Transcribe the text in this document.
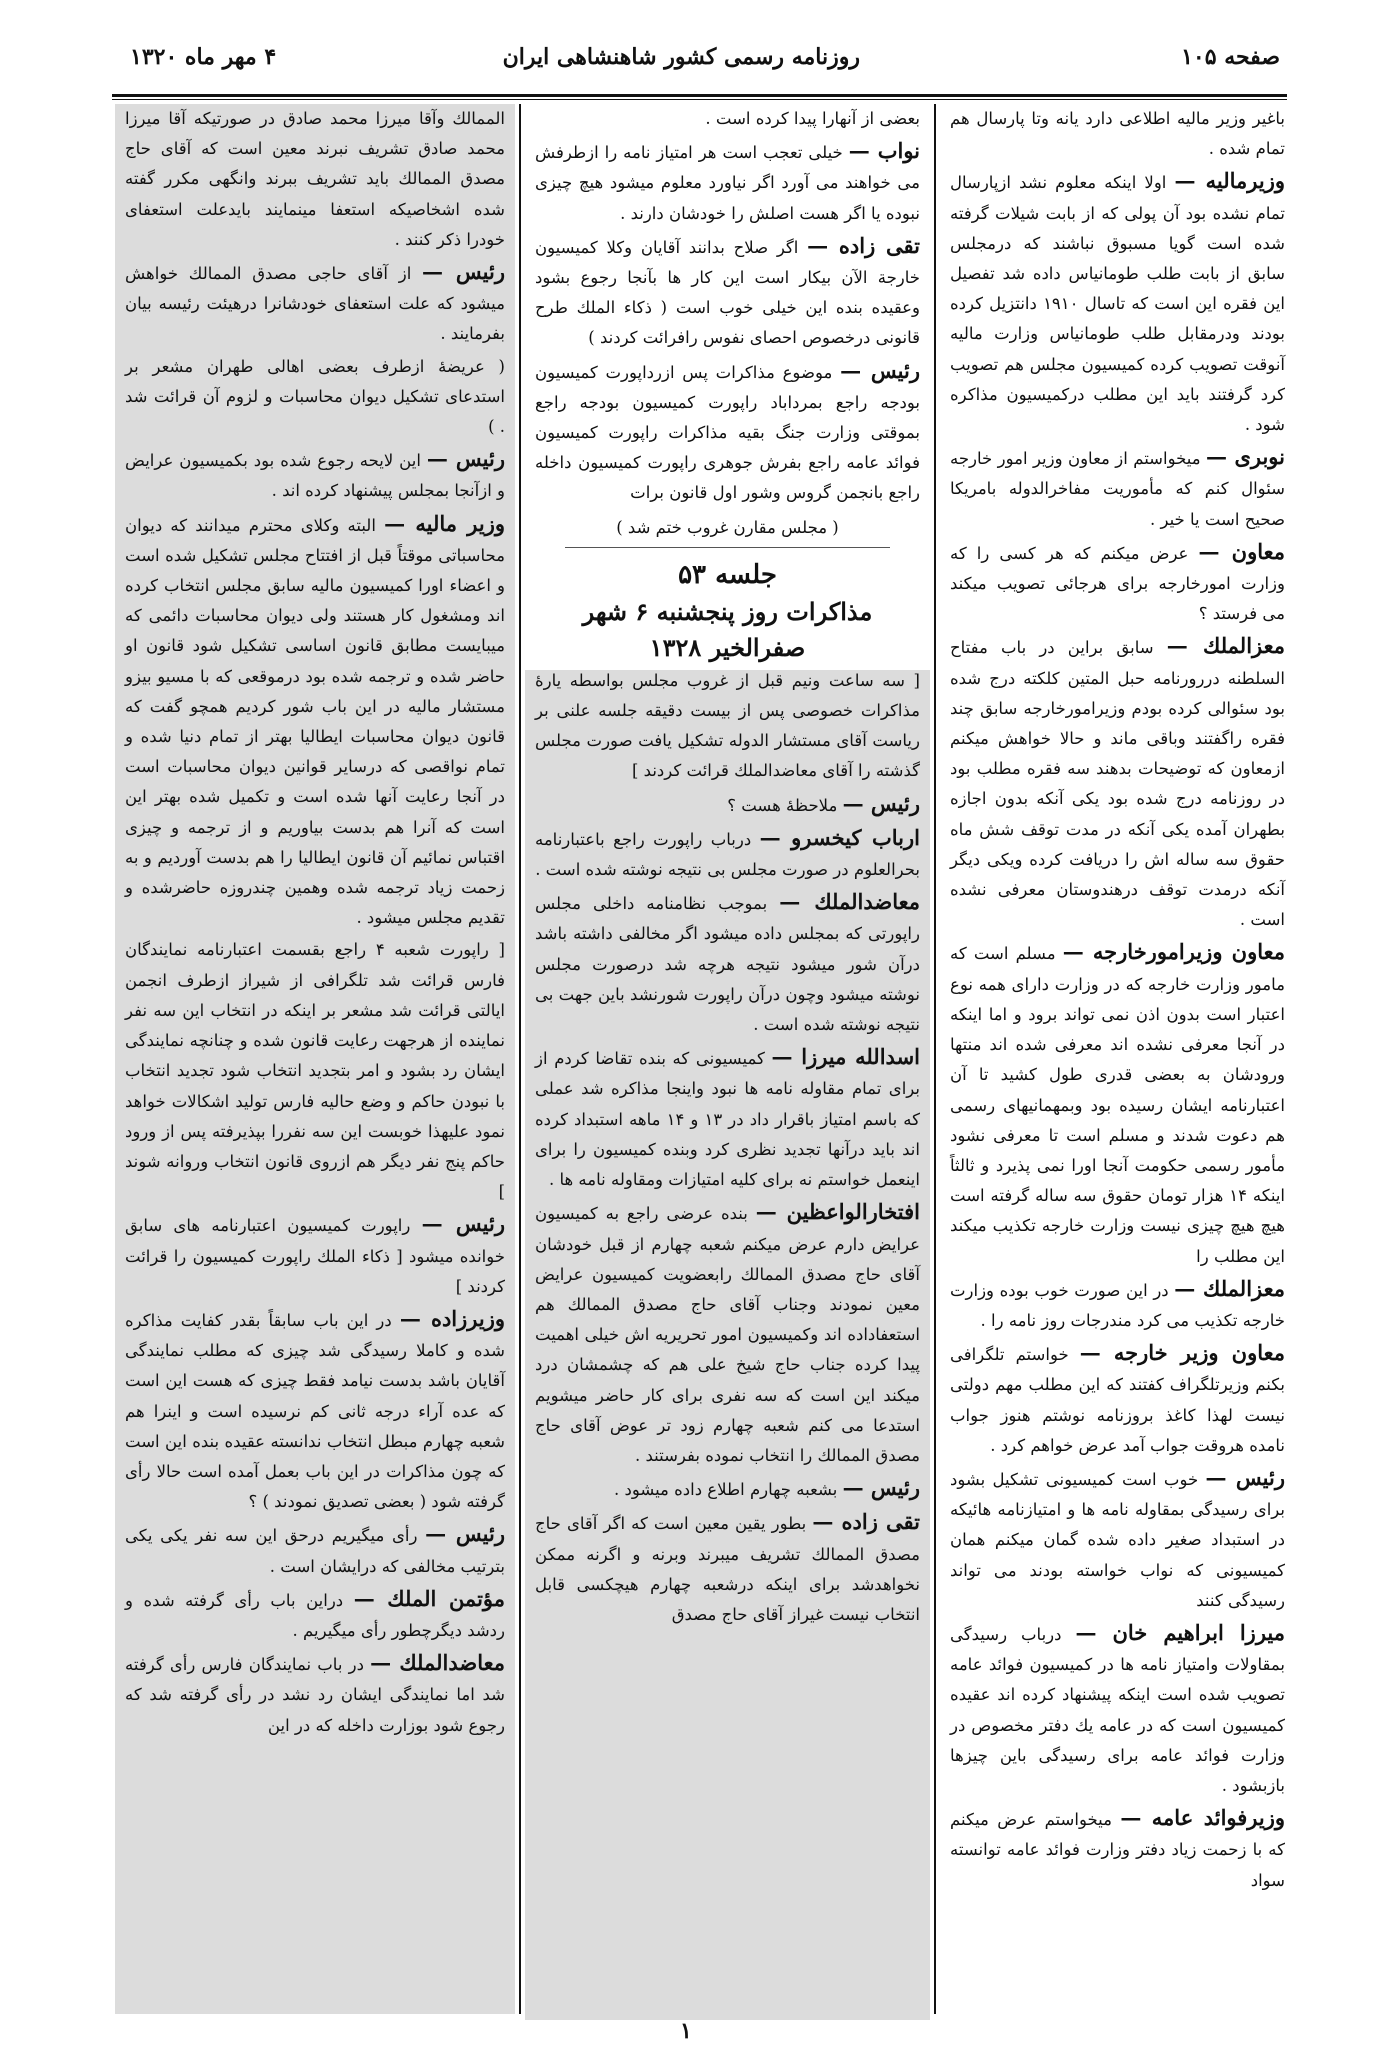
صفحه ۱۰۵
روزنامه رسمی کشور شاهنشاهی ایران
۴ مهر ماه ۱۳۲۰

باغير وزير ماليه اطلاعى دارد يانه وتا پارسال هم تمام شده .

وزيرماليه — اولا اينكه معلوم نشد ازپارسال تمام نشده بود آن پولى كه از بابت شيلات گرفته شده است گويا مسبوق نباشند كه درمجلس سابق از بابت طلب طومانياس داده شد تفصيل اين فقره اين است كه تاسال ۱۹۱۰ دانتزيل كرده بودند ودرمقابل طلب طومانياس وزارت ماليه آنوقت تصويب كرده كميسيون مجلس هم تصويب كرد گرفتند بايد اين مطلب دركميسيون مذاكره شود .

نوبرى — ميخواستم از معاون وزير امور خارجه سئوال كنم كه مأموريت مفاخرالدوله بامريكا صحيح است يا خير .

معاون — عرض ميكنم كه هر كسى را كه وزارت امورخارجه براى هرجائى تصويب ميكند مى فرستد ؟

معزالملك — سابق براين در باب مفتاح السلطنه دررورنامه حبل المتين كلكته درج شده بود سئوالى كرده بودم وزيرامورخارجه سابق چند فقره راگفتند وباقى ماند و حالا خواهش ميكنم ازمعاون كه توضيحات بدهند سه فقره مطلب بود در روزنامه درج شده بود يكى آنكه بدون اجازه بطهران آمده يكى آنكه در مدت توقف شش ماه حقوق سه ساله اش را دريافت كرده ويكى ديگر آنكه درمدت توقف درهندوستان معرفى نشده است .

معاون وزيرامورخارجه — مسلم است كه مامور وزارت خارجه كه در وزارت داراى همه نوع اعتبار است بدون اذن نمى تواند برود و اما اينكه در آنجا معرفى نشده اند معرفى شده اند منتها ورودشان به بعضى قدرى طول كشيد تا آن اعتبارنامه ايشان رسيده بود وبمهمانيهاى رسمى هم دعوت شدند و مسلم است تا معرفى نشود مأمور رسمى حكومت آنجا اورا نمى پذيرد و ثالثاً اينكه ۱۴ هزار تومان حقوق سه ساله گرفته است هيچ هيچ چيزى نيست وزارت خارجه تكذيب ميكند اين مطلب را

معزالملك — در اين صورت خوب بوده وزارت خارجه تكذيب مى كرد مندرجات روز نامه را .

معاون وزير خارجه — خواستم تلگرافى بكنم وزيرتلگراف كفتند كه اين مطلب مهم دولتى نيست لهذا كاغذ بروزنامه نوشتم هنوز جواب نامده هروقت جواب آمد عرض خواهم كرد .

رئيس — خوب است كميسيونى تشكيل بشود براى رسيدگى بمقاوله نامه ها و امتيازنامه هائيكه در استبداد صغير داده شده گمان ميكنم همان كميسيونى كه نواب خواسته بودند مى تواند رسيدگى كنند

ميرزا ابراهيم خان — درباب رسيدگى بمقاولات وامتياز نامه ها در كميسيون فوائد عامه تصويب شده است اينكه پيشنهاد كرده اند عقيده كميسيون است كه در عامه يك دفتر مخصوص در وزارت فوائد عامه براى رسيدگى باين چيزها بازبشود .

وزيرفوائد عامه — ميخواستم عرض ميكنم كه با زحمت زياد دفتر وزارت فوائد عامه توانسته سواد

بعضى از آنهارا پيدا كرده است .

نواب — خيلى تعجب است هر امتياز نامه را ازطرفش مى خواهند مى آورد اگر نياورد معلوم ميشود هيچ چيزى نبوده يا اگر هست اصلش را خودشان دارند .

تقى زاده — اگر صلاح بدانند آقايان وكلا كميسيون خارجة الآن بيكار است اين كار ها بآنجا رجوع بشود وعقيده بنده اين خيلى خوب است ( ذكاء الملك طرح قانونى درخصوص احصاى نفوس رافرائت كردند )

رئيس — موضوع مذاكرات پس ازرداپورت كميسيون بودجه راجع بمرداباد راپورت كميسيون بودجه راجع بموقتى وزارت جنگ بقيه مذاكرات راپورت كميسيون فوائد عامه راجع بفرش جوهرى راپورت كميسيون داخله راجع بانجمن گروس وشور اول قانون برات

( مجلس مقارن غروب ختم شد )
جلسه ۵۳
مذاكرات روز پنجشنبه ۶ شهر
صفرالخير ۱۳۲۸

[ سه ساعت ونيم قبل از غروب مجلس بواسطه يارهٔ مذاكرات خصوصى پس از بيست دقيقه جلسه علنى بر رياست آقاى مستشار الدوله تشكيل يافت صورت مجلس گذشته را آقاى معاضدالملك قرائت كردند ]

رئيس — ملاحظهٔ هست ؟

ارباب كيخسرو — درباب راپورت راجع باعتبارنامه بحرالعلوم در صورت مجلس بى نتيجه نوشته شده است .

معاضدالملك — بموجب نظامنامه داخلى مجلس راپورتى كه بمجلس داده ميشود اگر مخالفى داشته باشد درآن شور ميشود نتيجه هرچه شد درصورت مجلس نوشته ميشود وچون درآن راپورت شورنشد باين جهت بى نتيجه نوشته شده است .

اسدالله ميرزا — كميسيونى كه بنده تقاضا كردم از براى تمام مقاوله نامه ها نبود واينجا مذاكره شد عملى كه باسم امتياز باقرار داد در ۱۳ و ۱۴ ماهه استبداد كرده اند بايد درآنها تجديد نظرى كرد وبنده كميسيون را براى اينعمل خواستم نه براى كليه امتيازات ومقاوله نامه ها .

افتخارالواعظين — بنده عرضى راجع به كميسيون عرايض دارم عرض ميكنم شعبه چهارم از قبل خودشان آقاى حاج مصدق الممالك رابعضويت كميسيون عرايض معين نمودند وجناب آقاى حاج مصدق الممالك هم استعفاداده اند وكميسيون امور تحريريه اش خيلى اهميت پيدا كرده جناب حاج شيخ على هم كه چشمشان درد ميكند اين است كه سه نفرى براى كار حاضر ميشويم استدعا مى كنم شعبه چهارم زود تر عوض آقاى حاج مصدق الممالك را انتخاب نموده بفرستند .

رئيس — بشعبه چهارم اطلاع داده ميشود .

تقى زاده — بطور يقين معين است كه اگر آقاى حاج مصدق الممالك تشريف ميبرند وبرنه و اگرنه ممكن نخواهدشد براى اينكه درشعبه چهارم هيچكسى قابل انتخاب نيست غيراز آقاى حاج مصدق

الممالك وآقا ميرزا محمد صادق در صورتيكه آقا ميرزا محمد صادق تشريف نبرند معين است كه آقاى حاج مصدق الممالك بايد تشريف ببرند وانگهى مكرر گفته شده اشخاصيكه استعفا مينمايند بايدعلت استعفاى خودرا ذكر كنند .

رئيس — از آقاى حاجى مصدق الممالك خواهش ميشود كه علت استعفاى خودشانرا درهيئت رئيسه بيان بفرمايند .

( عريضهٔ ازطرف بعضى اهالى طهران مشعر بر استدعاى تشكيل ديوان محاسبات و لزوم آن قرائت شد . )

رئيس — اين لايحه رجوع شده بود بكميسيون عرايض و ازآنجا بمجلس پيشنهاد كرده اند .

وزير ماليه — البته وكلاى محترم ميدانند كه ديوان محاسباتى موقتاً قبل از افتتاح مجلس تشكيل شده است و اعضاء اورا كميسيون ماليه سابق مجلس انتخاب كرده اند ومشغول كار هستند ولى ديوان محاسبات دائمى كه ميبايست مطابق قانون اساسى تشكيل شود قانون او حاضر شده و ترجمه شده بود درموقعى كه با مسيو بيزو مستشار ماليه در اين باب شور كرديم همچو گفت كه قانون ديوان محاسبات ايطاليا بهتر از تمام دنيا شده و تمام نواقصى كه درساير قوانين ديوان محاسبات است در آنجا رعايت آنها شده است و تكميل شده بهتر اين است كه آنرا هم بدست بياوريم و از ترجمه و چيزى اقتباس نمائيم آن قانون ايطاليا را هم بدست آورديم و به زحمت زياد ترجمه شده وهمين چندروزه حاضرشده و تقديم مجلس ميشود .

[ راپورت شعبه ۴ راجع بقسمت اعتبارنامه نمايندگان فارس قرائت شد تلگرافى از شيراز ازطرف انجمن ايالتى قرائت شد مشعر بر اينكه در انتخاب اين سه نفر نماينده از هرجهت رعايت قانون شده و چنانچه نمايندگى ايشان رد بشود و امر بتجديد انتخاب شود تجديد انتخاب با نبودن حاكم و وضع حاليه فارس توليد اشكالات خواهد نمود عليهذا خوبست اين سه نفررا بپذيرفته پس از ورود حاكم پنج نفر ديگر هم ازروى قانون انتخاب وروانه شوند ]

رئيس — راپورت كميسيون اعتبارنامه هاى سابق خوانده ميشود [ ذكاء الملك راپورت كميسيون را قرائت كردند ]

وزيرزاده — در اين باب سابقاً بقدر كفايت مذاكره شده و كاملا رسيدگى شد چيزى كه مطلب نمايندگى آقايان باشد بدست نيامد فقط چيزى كه هست اين است كه عده آراء درجه ثانى كم نرسيده است و اينرا هم شعبه چهارم مبطل انتخاب ندانسته عقيده بنده اين است كه چون مذاكرات در اين باب بعمل آمده است حالا رأى گرفته شود ( بعضى تصديق نمودند ) ؟

رئيس — رأى ميگيريم درحق اين سه نفر يكى يكى بترتيب مخالفى كه درايشان است .

مؤتمن الملك — دراين باب رأى گرفته شده و ردشد ديگرچطور رأى ميگيريم .

معاضدالملك — در باب نمايندگان فارس رأى گرفته شد اما نمايندگى ايشان رد نشد در رأى گرفته شد كه رجوع شود بوزارت داخله كه در اين

۱
